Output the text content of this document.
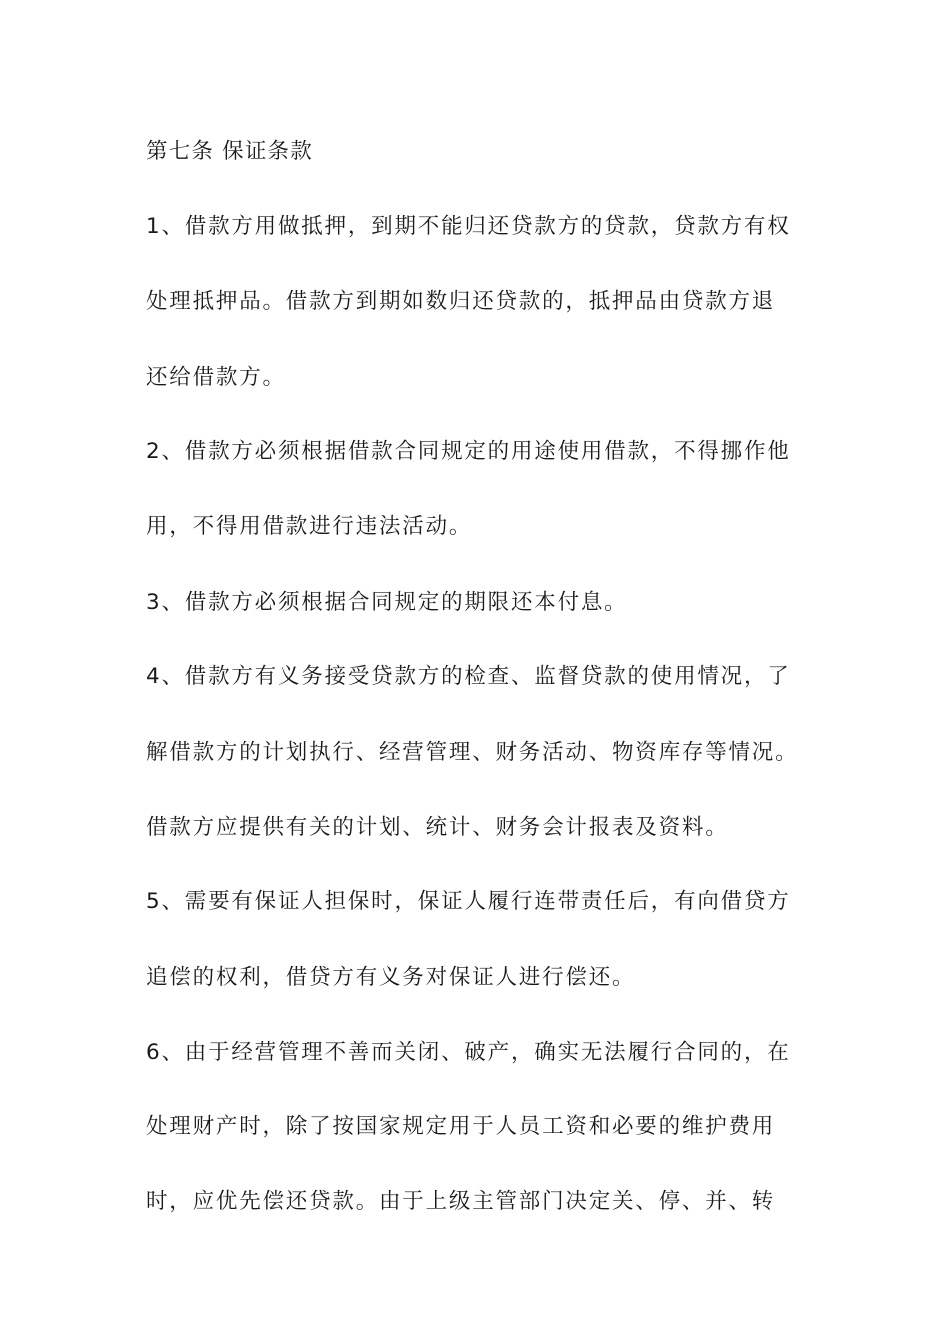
第七条 保证条款
1、借款方用做抵押，到期不能归还贷款方的贷款，贷款方有权
处理抵押品。借款方到期如数归还贷款的，抵押品由贷款方退
还给借款方。
2、借款方必须根据借款合同规定的用途使用借款，不得挪作他
用，不得用借款进行违法活动。
3、借款方必须根据合同规定的期限还本付息。
4、借款方有义务接受贷款方的检查、监督贷款的使用情况，了
解借款方的计划执行、经营管理、财务活动、物资库存等情况。
借款方应提供有关的计划、统计、财务会计报表及资料。
5、需要有保证人担保时，保证人履行连带责任后，有向借贷方
追偿的权利，借贷方有义务对保证人进行偿还。
6、由于经营管理不善而关闭、破产，确实无法履行合同的，在
处理财产时，除了按国家规定用于人员工资和必要的维护费用
时，应优先偿还贷款。由于上级主管部门决定关、停、并、转
